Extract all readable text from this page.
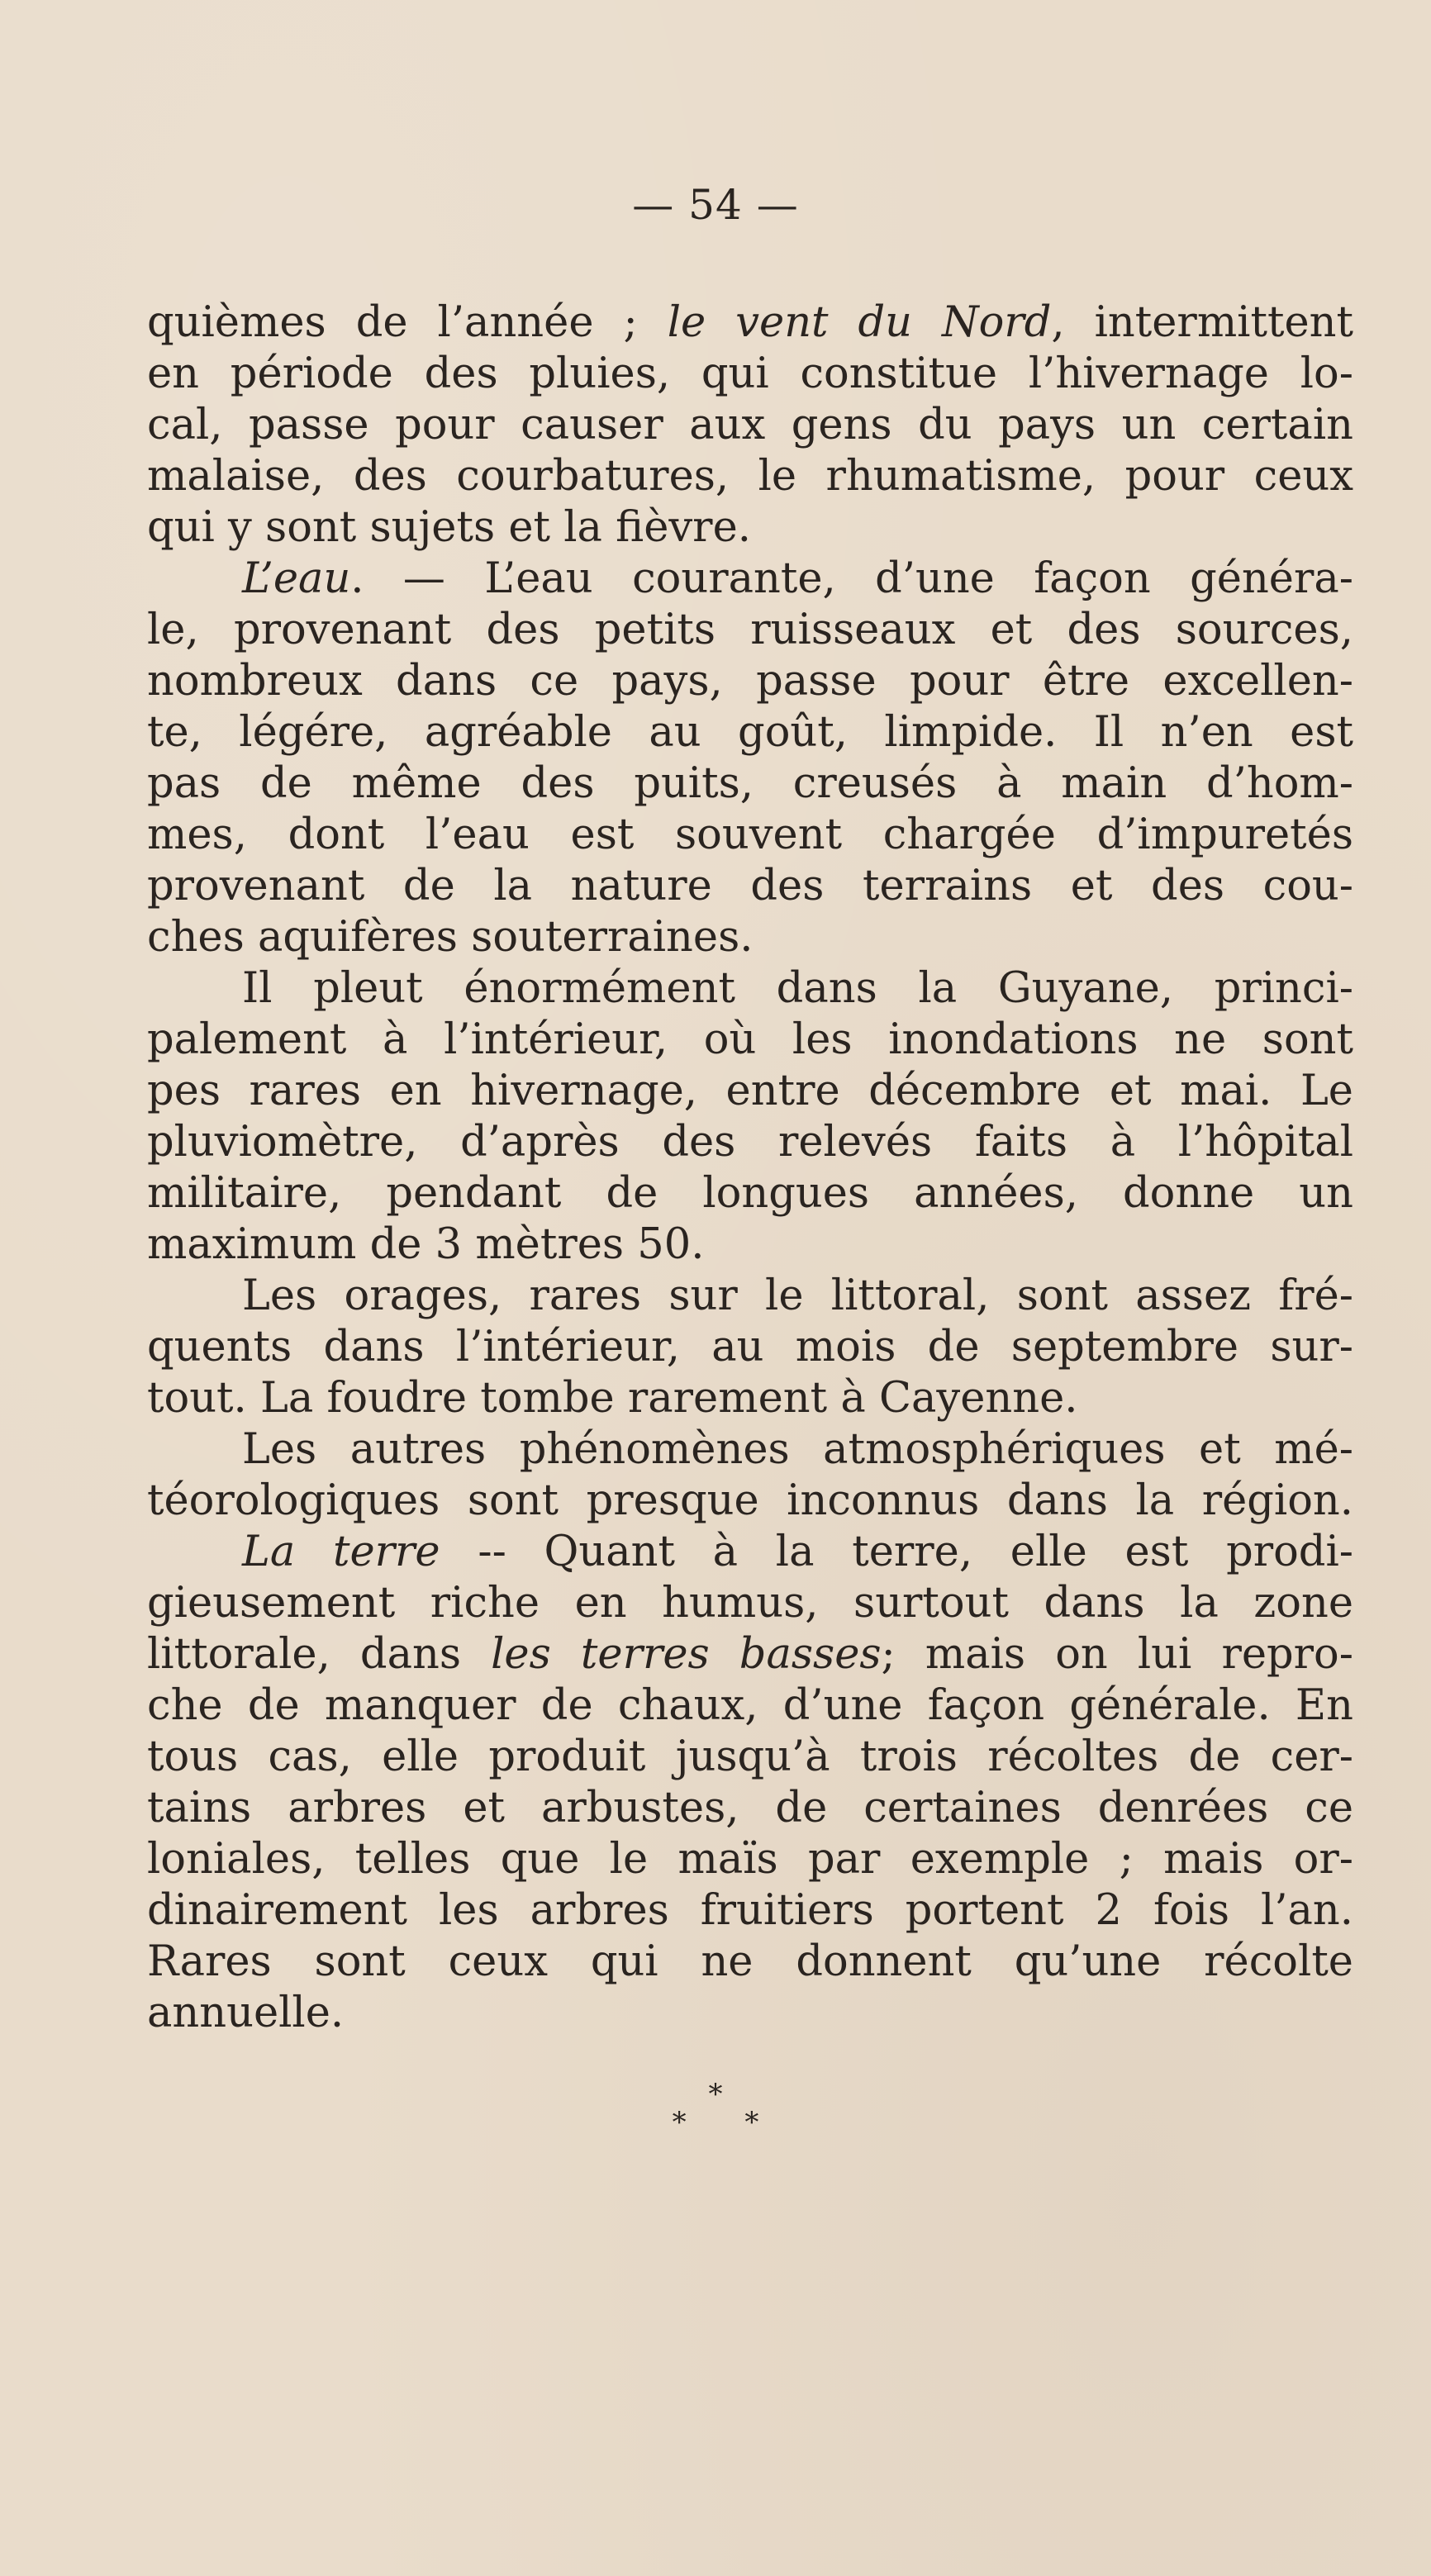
— 54 —
quièmes de l’année ; le vent du Nord, intermittent
en période des pluies, qui constitue l’hivernage lo-
cal, passe pour causer aux gens du pays un certain
malaise, des courbatures, le rhumatisme, pour ceux
qui y sont sujets et la fièvre.
L’eau. — L’eau courante, d’une façon généra-
le, provenant des petits ruisseaux et des sources,
nombreux dans ce pays, passe pour être excellen-
te, légére, agréable au goût, limpide. Il n’en est
pas de même des puits, creusés à main d’hom-
mes, dont l’eau est souvent chargée d’impuretés
provenant de la nature des terrains et des cou-
ches aquifères souterraines.
Il pleut énormément dans la Guyane, princi-
palement à l’intérieur, où les inondations ne sont
pes rares en hivernage, entre décembre et mai. Le
pluviomètre, d’après des relevés faits à l’hôpital
militaire, pendant de longues années, donne un
maximum de 3 mètres 50.
Les orages, rares sur le littoral, sont assez fré-
quents dans l’intérieur, au mois de septembre sur-
tout. La foudre tombe rarement à Cayenne.
Les autres phénomènes atmosphériques et mé-
téorologiques sont presque inconnus dans la région.
La terre -- Quant à la terre, elle est prodi-
gieusement riche en humus, surtout dans la zone
littorale, dans les terres basses; mais on lui repro-
che de manquer de chaux, d’une façon générale. En
tous cas, elle produit jusqu’à trois récoltes de cer-
tains arbres et arbustes, de certaines denrées ce
loniales, telles que le maïs par exemple ; mais or-
dinairement les arbres fruitiers portent 2 fois l’an.
Rares sont ceux qui ne donnent qu’une récolte
annuelle.
*
* *
